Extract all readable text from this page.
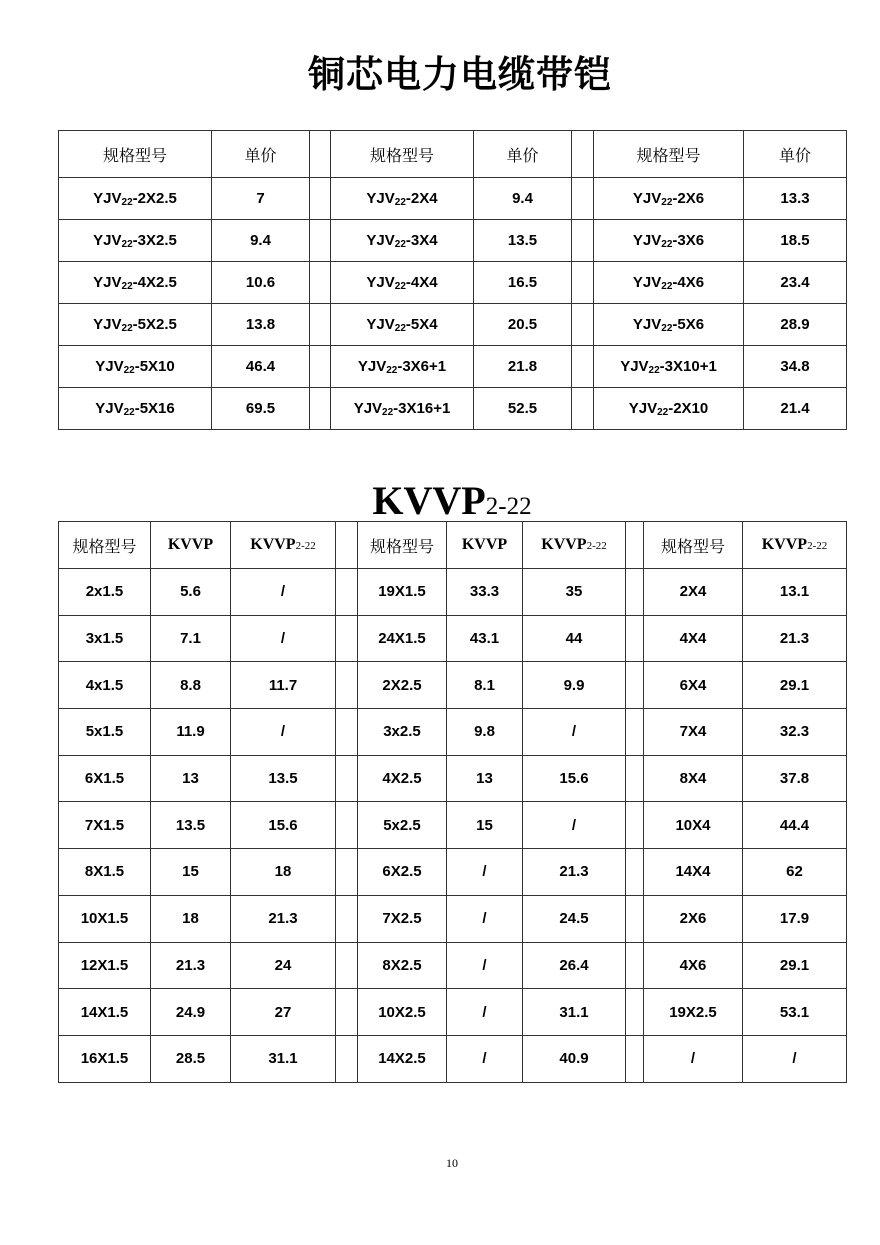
铜芯电力电缆带铠
规格型号	单价		规格型号	单价		规格型号	单价
YJV22-2X2.5	7		YJV22-2X4	9.4		YJV22-2X6	13.3
YJV22-3X2.5	9.4		YJV22-3X4	13.5		YJV22-3X6	18.5
YJV22-4X2.5	10.6		YJV22-4X4	16.5		YJV22-4X6	23.4
YJV22-5X2.5	13.8		YJV22-5X4	20.5		YJV22-5X6	28.9
YJV22-5X10	46.4		YJV22-3X6+1	21.8		YJV22-3X10+1	34.8
YJV22-5X16	69.5		YJV22-3X16+1	52.5		YJV22-2X10	21.4
KVVP2-22
规格型号	KVVP	KVVP2-22		规格型号	KVVP	KVVP2-22		规格型号	KVVP2-22
2x1.5	5.6	/		19X1.5	33.3	35		2X4	13.1
3x1.5	7.1	/		24X1.5	43.1	44		4X4	21.3
4x1.5	8.8	11.7		2X2.5	8.1	9.9		6X4	29.1
5x1.5	11.9	/		3x2.5	9.8	/		7X4	32.3
6X1.5	13	13.5		4X2.5	13	15.6		8X4	37.8
7X1.5	13.5	15.6		5x2.5	15	/		10X4	44.4
8X1.5	15	18		6X2.5	/	21.3		14X4	62
10X1.5	18	21.3		7X2.5	/	24.5		2X6	17.9
12X1.5	21.3	24		8X2.5	/	26.4		4X6	29.1
14X1.5	24.9	27		10X2.5	/	31.1		19X2.5	53.1
16X1.5	28.5	31.1		14X2.5	/	40.9		/	/
10
